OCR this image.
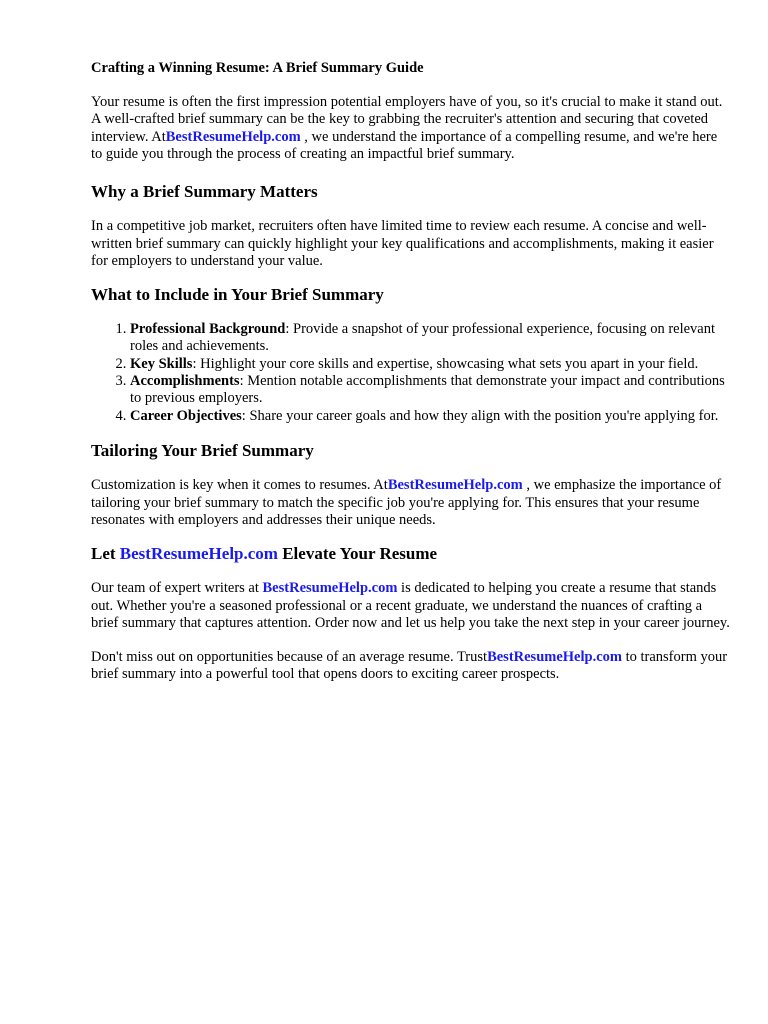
Crafting a Winning Resume: A Brief Summary Guide

Your resume is often the first impression potential employers have of you, so it's crucial to make it stand out. A well-crafted brief summary can be the key to grabbing the recruiter's attention and securing that coveted interview. AtBestResumeHelp.com , we understand the importance of a compelling resume, and we're here to guide you through the process of creating an impactful brief summary.

Why a Brief Summary Matters

In a competitive job market, recruiters often have limited time to review each resume. A concise and well-written brief summary can quickly highlight your key qualifications and accomplishments, making it easier for employers to understand your value.

What to Include in Your Brief Summary
1. Professional Background: Provide a snapshot of your professional experience, focusing on relevant roles and achievements.
2. Key Skills: Highlight your core skills and expertise, showcasing what sets you apart in your field.
3. Accomplishments: Mention notable accomplishments that demonstrate your impact and contributions to previous employers.
4. Career Objectives: Share your career goals and how they align with the position you're applying for.
Tailoring Your Brief Summary

Customization is key when it comes to resumes. AtBestResumeHelp.com , we emphasize the importance of tailoring your brief summary to match the specific job you're applying for. This ensures that your resume resonates with employers and addresses their unique needs.

Let BestResumeHelp.com Elevate Your Resume

Our team of expert writers at BestResumeHelp.com is dedicated to helping you create a resume that stands out. Whether you're a seasoned professional or a recent graduate, we understand the nuances of crafting a brief summary that captures attention. Order now and let us help you take the next step in your career journey.

Don't miss out on opportunities because of an average resume. TrustBestResumeHelp.com to transform your brief summary into a powerful tool that opens doors to exciting career prospects.
